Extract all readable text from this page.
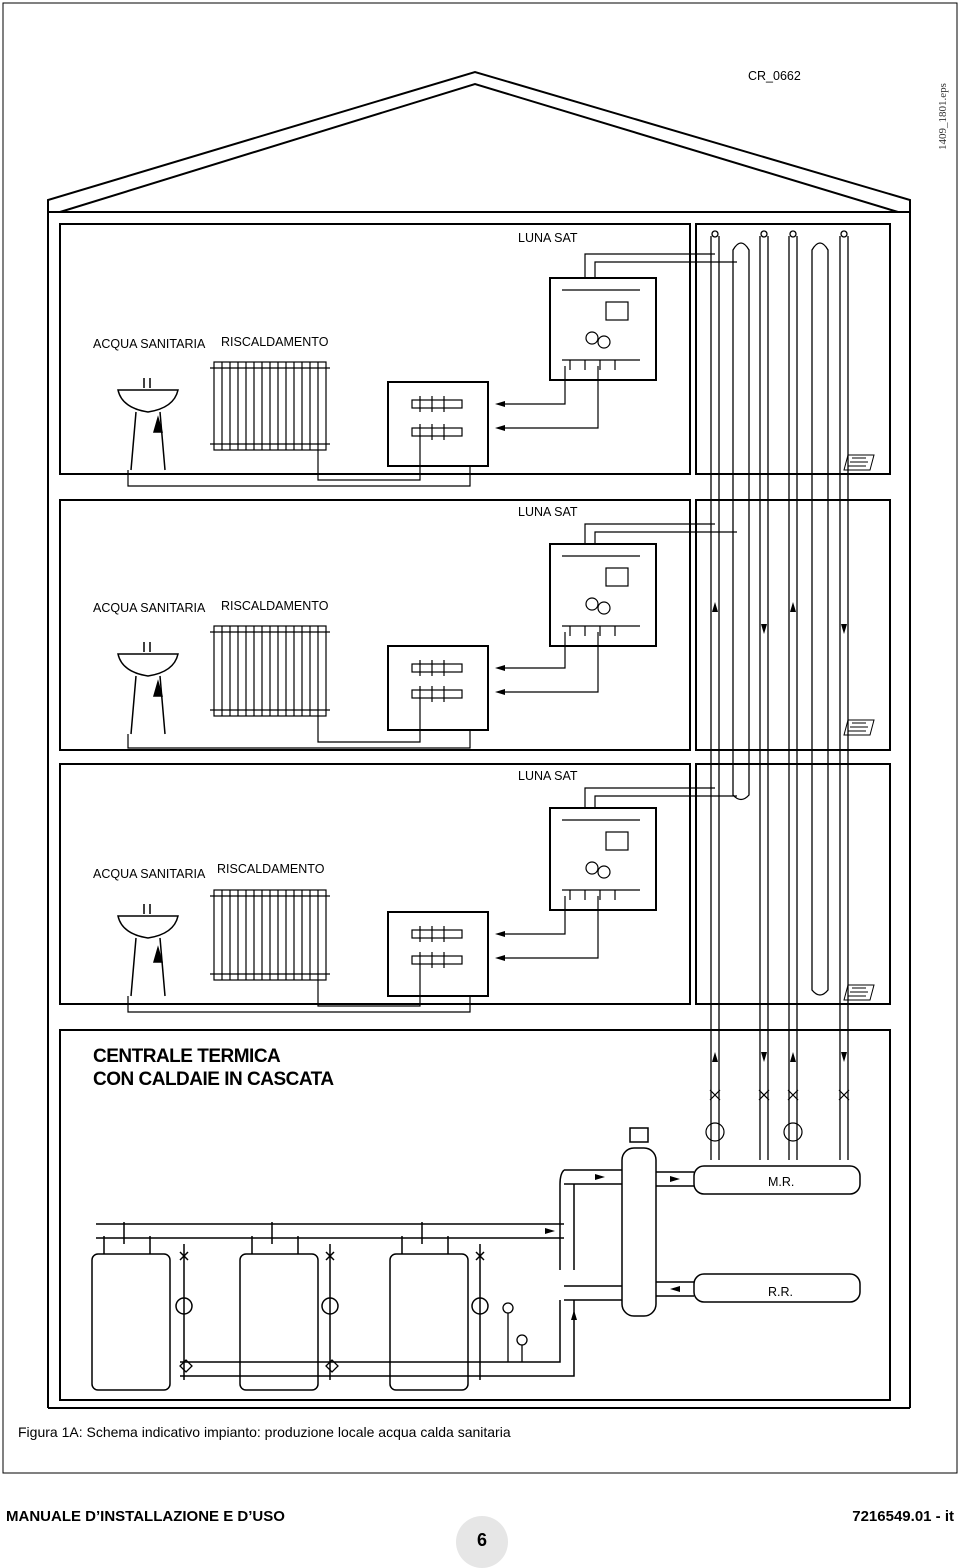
CR_0662
1409_1801.eps
LUNA SAT
ACQUA SANITARIA RISCALDAMENTO
LUNA SAT
ACQUA SANITARIA RISCALDAMENTO
LUNA SAT
ACQUA SANITARIA RISCALDAMENTO
CENTRALE TERMICA
CON CALDAIE IN CASCATA
M.R.
R.R.
Figura 1A: Schema indicativo impianto: produzione locale acqua calda sanitaria
MANUALE D’INSTALLAZIONE E D’USO
6
7216549.01 - it
